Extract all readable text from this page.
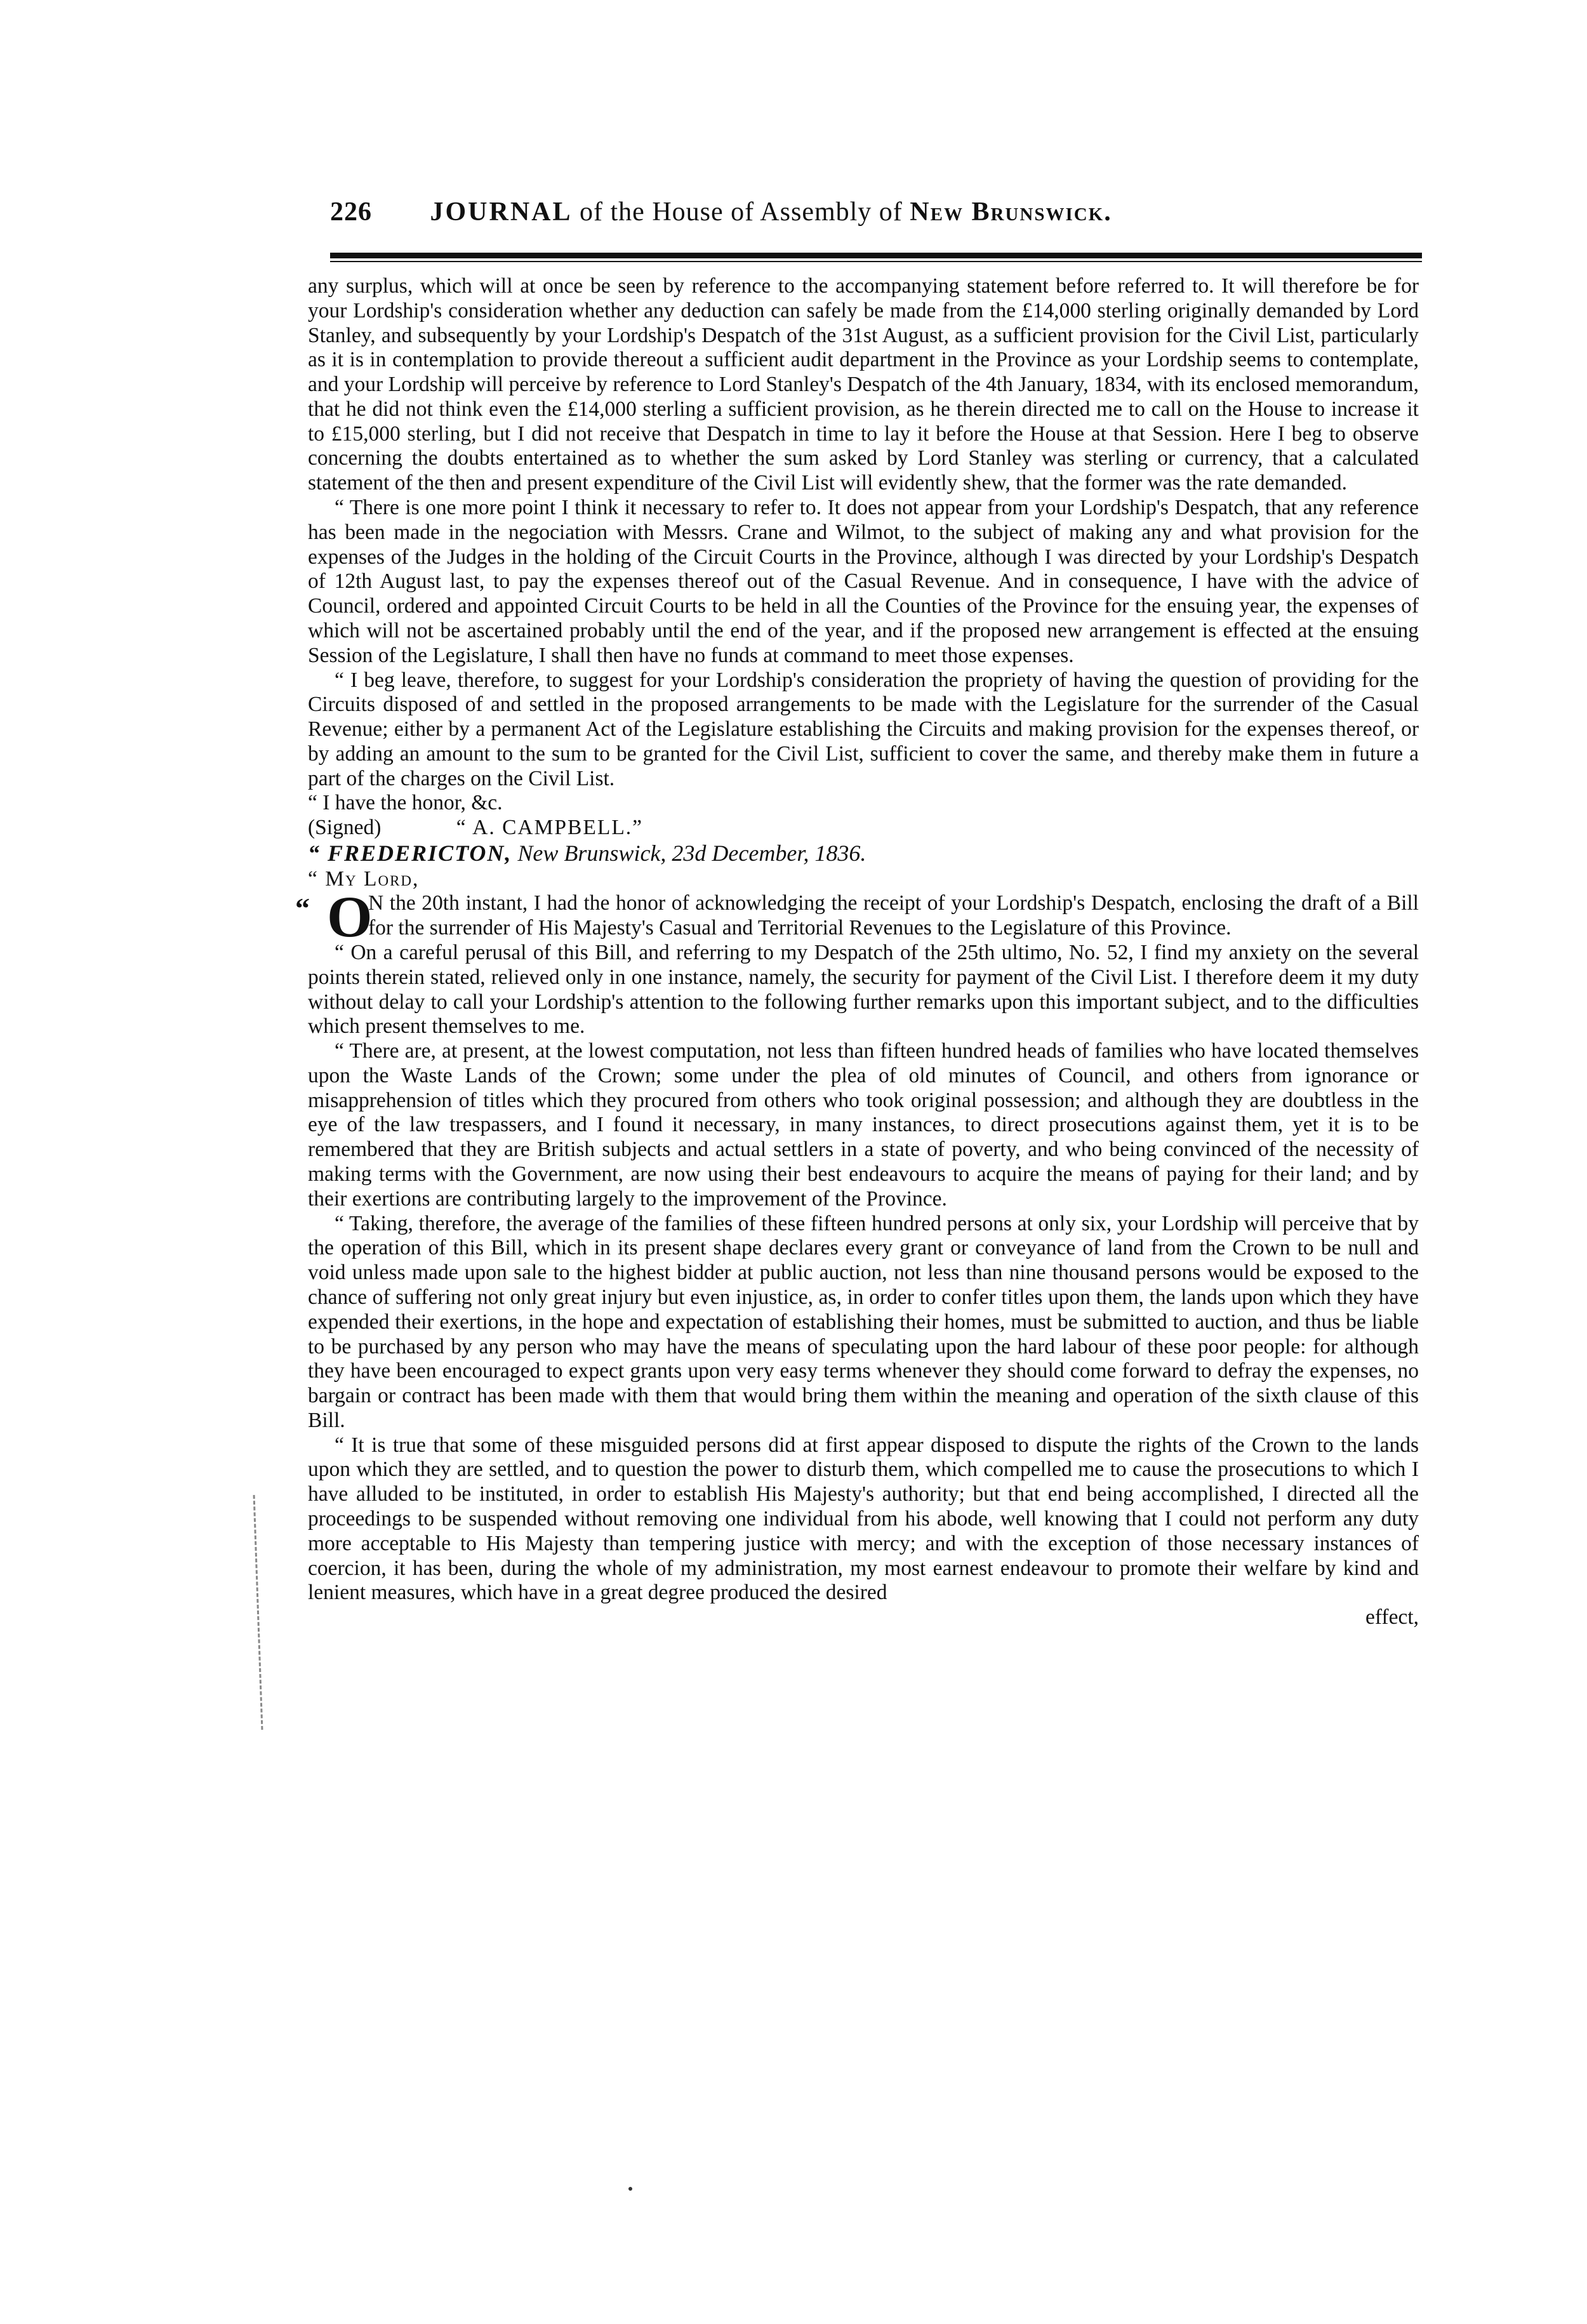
226 JOURNAL of the House of Assembly of New Brunswick.

any surplus, which will at once be seen by reference to the accompanying statement before referred to. It will therefore be for your Lordship's consideration whether any deduction can safely be made from the £14,000 sterling originally demanded by Lord Stanley, and subsequently by your Lordship's Despatch of the 31st August, as a sufficient provision for the Civil List, particularly as it is in contemplation to provide thereout a sufficient audit department in the Province as your Lordship seems to contemplate, and your Lordship will perceive by reference to Lord Stanley's Despatch of the 4th January, 1834, with its enclosed memorandum, that he did not think even the £14,000 sterling a sufficient provision, as he therein directed me to call on the House to increase it to £15,000 sterling, but I did not receive that Despatch in time to lay it before the House at that Session. Here I beg to observe concerning the doubts entertained as to whether the sum asked by Lord Stanley was sterling or currency, that a calculated statement of the then and present expenditure of the Civil List will evidently shew, that the former was the rate demanded.

“ There is one more point I think it necessary to refer to. It does not appear from your Lordship's Despatch, that any reference has been made in the negociation with Messrs. Crane and Wilmot, to the subject of making any and what provision for the expenses of the Judges in the holding of the Circuit Courts in the Province, although I was directed by your Lordship's Despatch of 12th August last, to pay the expenses thereof out of the Casual Revenue. And in consequence, I have with the advice of Council, ordered and appointed Circuit Courts to be held in all the Counties of the Province for the ensuing year, the expenses of which will not be ascertained probably until the end of the year, and if the proposed new arrangement is effected at the ensuing Session of the Legislature, I shall then have no funds at command to meet those expenses.

“ I beg leave, therefore, to suggest for your Lordship's consideration the propriety of having the question of providing for the Circuits disposed of and settled in the proposed arrangements to be made with the Legislature for the surrender of the Casual Revenue; either by a permanent Act of the Legislature establishing the Circuits and making provision for the expenses thereof, or by adding an amount to the sum to be granted for the Civil List, sufficient to cover the same, and thereby make them in future a part of the charges on the Civil List.

“ I have the honor, &c.

(Signed)	“ A. CAMPBELL.”

“ FREDERICTON, New Brunswick, 23d December, 1836.

“ My Lord,

“ O
N the 20th instant, I had the honor of acknowledging the receipt of your Lordship's Despatch, enclosing the draft of a Bill for the surrender of His Majesty's Casual and Territorial Revenues to the Legislature of this Province.

“ On a careful perusal of this Bill, and referring to my Despatch of the 25th ultimo, No. 52, I find my anxiety on the several points therein stated, relieved only in one instance, namely, the security for payment of the Civil List. I therefore deem it my duty without delay to call your Lordship's attention to the following further remarks upon this important subject, and to the difficulties which present themselves to me.

“ There are, at present, at the lowest computation, not less than fifteen hundred heads of families who have located themselves upon the Waste Lands of the Crown; some under the plea of old minutes of Council, and others from ignorance or misapprehension of titles which they procured from others who took original possession; and although they are doubtless in the eye of the law trespassers, and I found it necessary, in many instances, to direct prosecutions against them, yet it is to be remembered that they are British subjects and actual settlers in a state of poverty, and who being convinced of the necessity of making terms with the Government, are now using their best endeavours to acquire the means of paying for their land; and by their exertions are contributing largely to the improvement of the Province.

“ Taking, therefore, the average of the families of these fifteen hundred persons at only six, your Lordship will perceive that by the operation of this Bill, which in its present shape declares every grant or conveyance of land from the Crown to be null and void unless made upon sale to the highest bidder at public auction, not less than nine thousand persons would be exposed to the chance of suffering not only great injury but even injustice, as, in order to confer titles upon them, the lands upon which they have expended their exertions, in the hope and expectation of establishing their homes, must be submitted to auction, and thus be liable to be purchased by any person who may have the means of speculating upon the hard labour of these poor people: for although they have been encouraged to expect grants upon very easy terms whenever they should come forward to defray the expenses, no bargain or contract has been made with them that would bring them within the meaning and operation of the sixth clause of this Bill.

“ It is true that some of these misguided persons did at first appear disposed to dispute the rights of the Crown to the lands upon which they are settled, and to question the power to disturb them, which compelled me to cause the prosecutions to which I have alluded to be instituted, in order to establish His Majesty's authority; but that end being accomplished, I directed all the proceedings to be suspended without removing one individual from his abode, well knowing that I could not perform any duty more acceptable to His Majesty than tempering justice with mercy; and with the exception of those necessary instances of coercion, it has been, during the whole of my administration, my most earnest endeavour to promote their welfare by kind and lenient measures, which have in a great degree produced the desired

effect,
